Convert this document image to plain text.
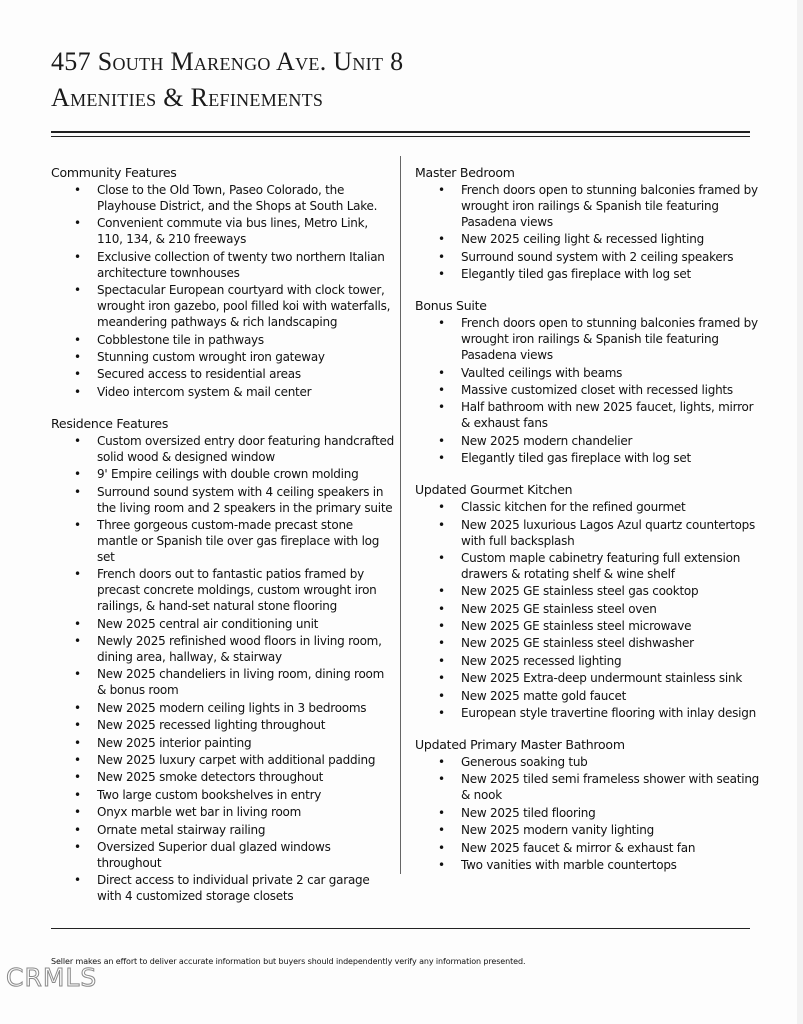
457 South Marengo Ave. Unit 8
Amenities & Refinements
Community Features
• Close to the Old Town, Paseo Colorado, the Playhouse District, and the Shops at South Lake.
• Convenient commute via bus lines, Metro Link, 110, 134, & 210 freeways
• Exclusive collection of twenty two northern Italian architecture townhouses
• Spectacular European courtyard with clock tower, wrought iron gazebo, pool filled koi with waterfalls, meandering pathways & rich landscaping
• Cobblestone tile in pathways
• Stunning custom wrought iron gateway
• Secured access to residential areas
• Video intercom system & mail center
Residence Features
• Custom oversized entry door featuring handcrafted solid wood & designed window
• 9' Empire ceilings with double crown molding
• Surround sound system with 4 ceiling speakers in the living room and 2 speakers in the primary suite
• Three gorgeous custom-made precast stone mantle or Spanish tile over gas fireplace with log set
• French doors out to fantastic patios framed by precast concrete moldings, custom wrought iron railings, & hand-set natural stone flooring
• New 2025 central air conditioning unit
• Newly 2025 refinished wood floors in living room, dining area, hallway, & stairway
• New 2025 chandeliers in living room, dining room & bonus room
• New 2025 modern ceiling lights in 3 bedrooms
• New 2025 recessed lighting throughout
• New 2025 interior painting
• New 2025 luxury carpet with additional padding
• New 2025 smoke detectors throughout
• Two large custom bookshelves in entry
• Onyx marble wet bar in living room
• Ornate metal stairway railing
• Oversized Superior dual glazed windows throughout
• Direct access to individual private 2 car garage with 4 customized storage closets
Master Bedroom
• French doors open to stunning balconies framed by wrought iron railings & Spanish tile featuring Pasadena views
• New 2025 ceiling light & recessed lighting
• Surround sound system with 2 ceiling speakers
• Elegantly tiled gas fireplace with log set
Bonus Suite
• French doors open to stunning balconies framed by wrought iron railings & Spanish tile featuring Pasadena views
• Vaulted ceilings with beams
• Massive customized closet with recessed lights
• Half bathroom with new 2025 faucet, lights, mirror & exhaust fans
• New 2025 modern chandelier
• Elegantly tiled gas fireplace with log set
Updated Gourmet Kitchen
• Classic kitchen for the refined gourmet
• New 2025 luxurious Lagos Azul quartz countertops with full backsplash
• Custom maple cabinetry featuring full extension drawers & rotating shelf & wine shelf
• New 2025 GE stainless steel gas cooktop
• New 2025 GE stainless steel oven
• New 2025 GE stainless steel microwave
• New 2025 GE stainless steel dishwasher
• New 2025 recessed lighting
• New 2025 Extra-deep undermount stainless sink
• New 2025 matte gold faucet
• European style travertine flooring with inlay design
Updated Primary Master Bathroom
• Generous soaking tub
• New 2025 tiled semi frameless shower with seating & nook
• New 2025 tiled flooring
• New 2025 modern vanity lighting
• New 2025 faucet & mirror & exhaust fan
• Two vanities with marble countertops
Seller makes an effort to deliver accurate information but buyers should independently verify any information presented.
CRMLS
